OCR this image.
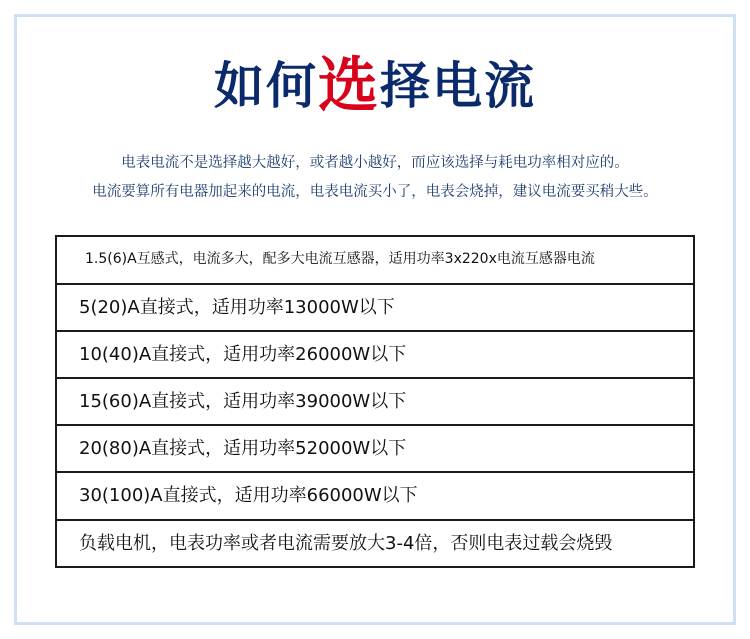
如何选择电流
电表电流不是选择越大越好，或者越小越好，而应该选择与耗电功率相对应的。
电流要算所有电器加起来的电流，电表电流买小了，电表会烧掉，建议电流要买稍大些。
1.5(6)A互感式，电流多大，配多大电流互感器，适用功率3x220x电流互感器电流
5(20)A直接式，适用功率13000W以下
10(40)A直接式，适用功率26000W以下
15(60)A直接式，适用功率39000W以下
20(80)A直接式，适用功率52000W以下
30(100)A直接式，适用功率66000W以下
负载电机，电表功率或者电流需要放大3-4倍，否则电表过载会烧毁
